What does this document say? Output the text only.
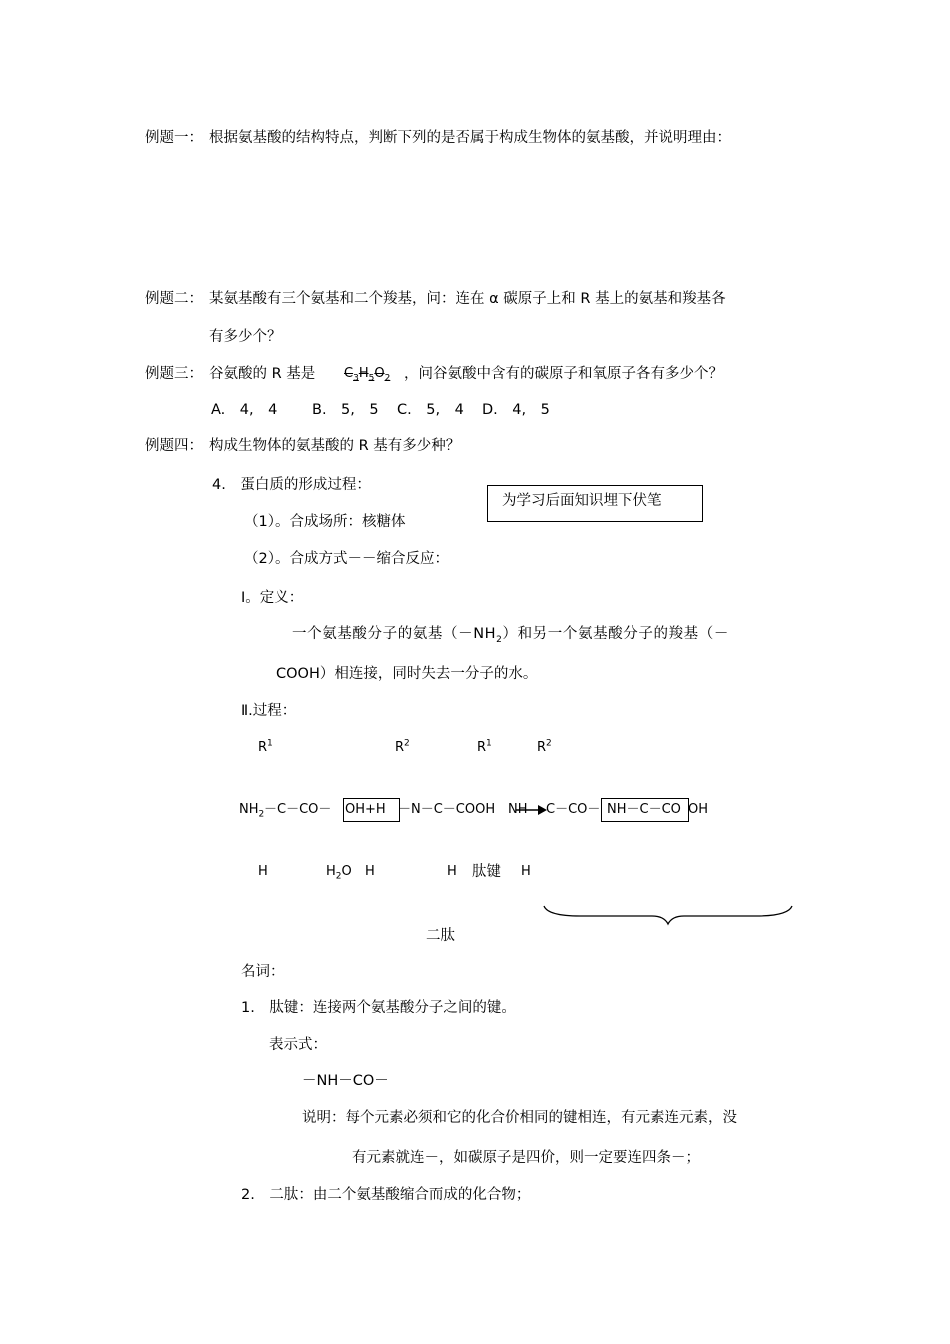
例题一： 根据氨基酸的结构特点，判断下列的是否属于构成生物体的氨基酸，并说明理由：
例题二： 某氨基酸有三个氨基和二个羧基，问：连在 α 碳原子上和 R 基上的氨基和羧基各
有多少个？
例题三： 谷氨酸的 R 基是 $C_3H_5O_2$ ，问谷氨酸中含有的碳原子和氧原子各有多少个？
A.　4,　4 B.　5,　5 C.　5,　4 D.　4,　5
例题四： 构成生物体的氨基酸的 R 基有多少种？
4.　蛋白质的形成过程：
为学习后面知识埋下伏笔
（1）。合成场所：核糖体
（2）。合成方式－－缩合反应：
Ⅰ。定义：
一个氨基酸分子的氨基$(-NH_2)$和另一个氨基酸分子的羧基（－
COOH）相连接，同时失去一分子的水。
Ⅱ.过程：
$R^1$	$R^2$	$R^1$	$R^2$
$NH_2 -C-CO- OH+H$ －N－C－COOH NH C－CO－ NH－C－CO OH
H	$H_2O$ H	H 肽键 H
二肽
名词：
1.　肽键：连接两个氨基酸分子之间的键。
表示式：
－NH－CO－
说明：每个元素必须和它的化合价相同的键相连，有元素连元素，没
有元素就连－，如碳原子是四价，则一定要连四条－；
2.　二肽：由二个氨基酸缩合而成的化合物；
